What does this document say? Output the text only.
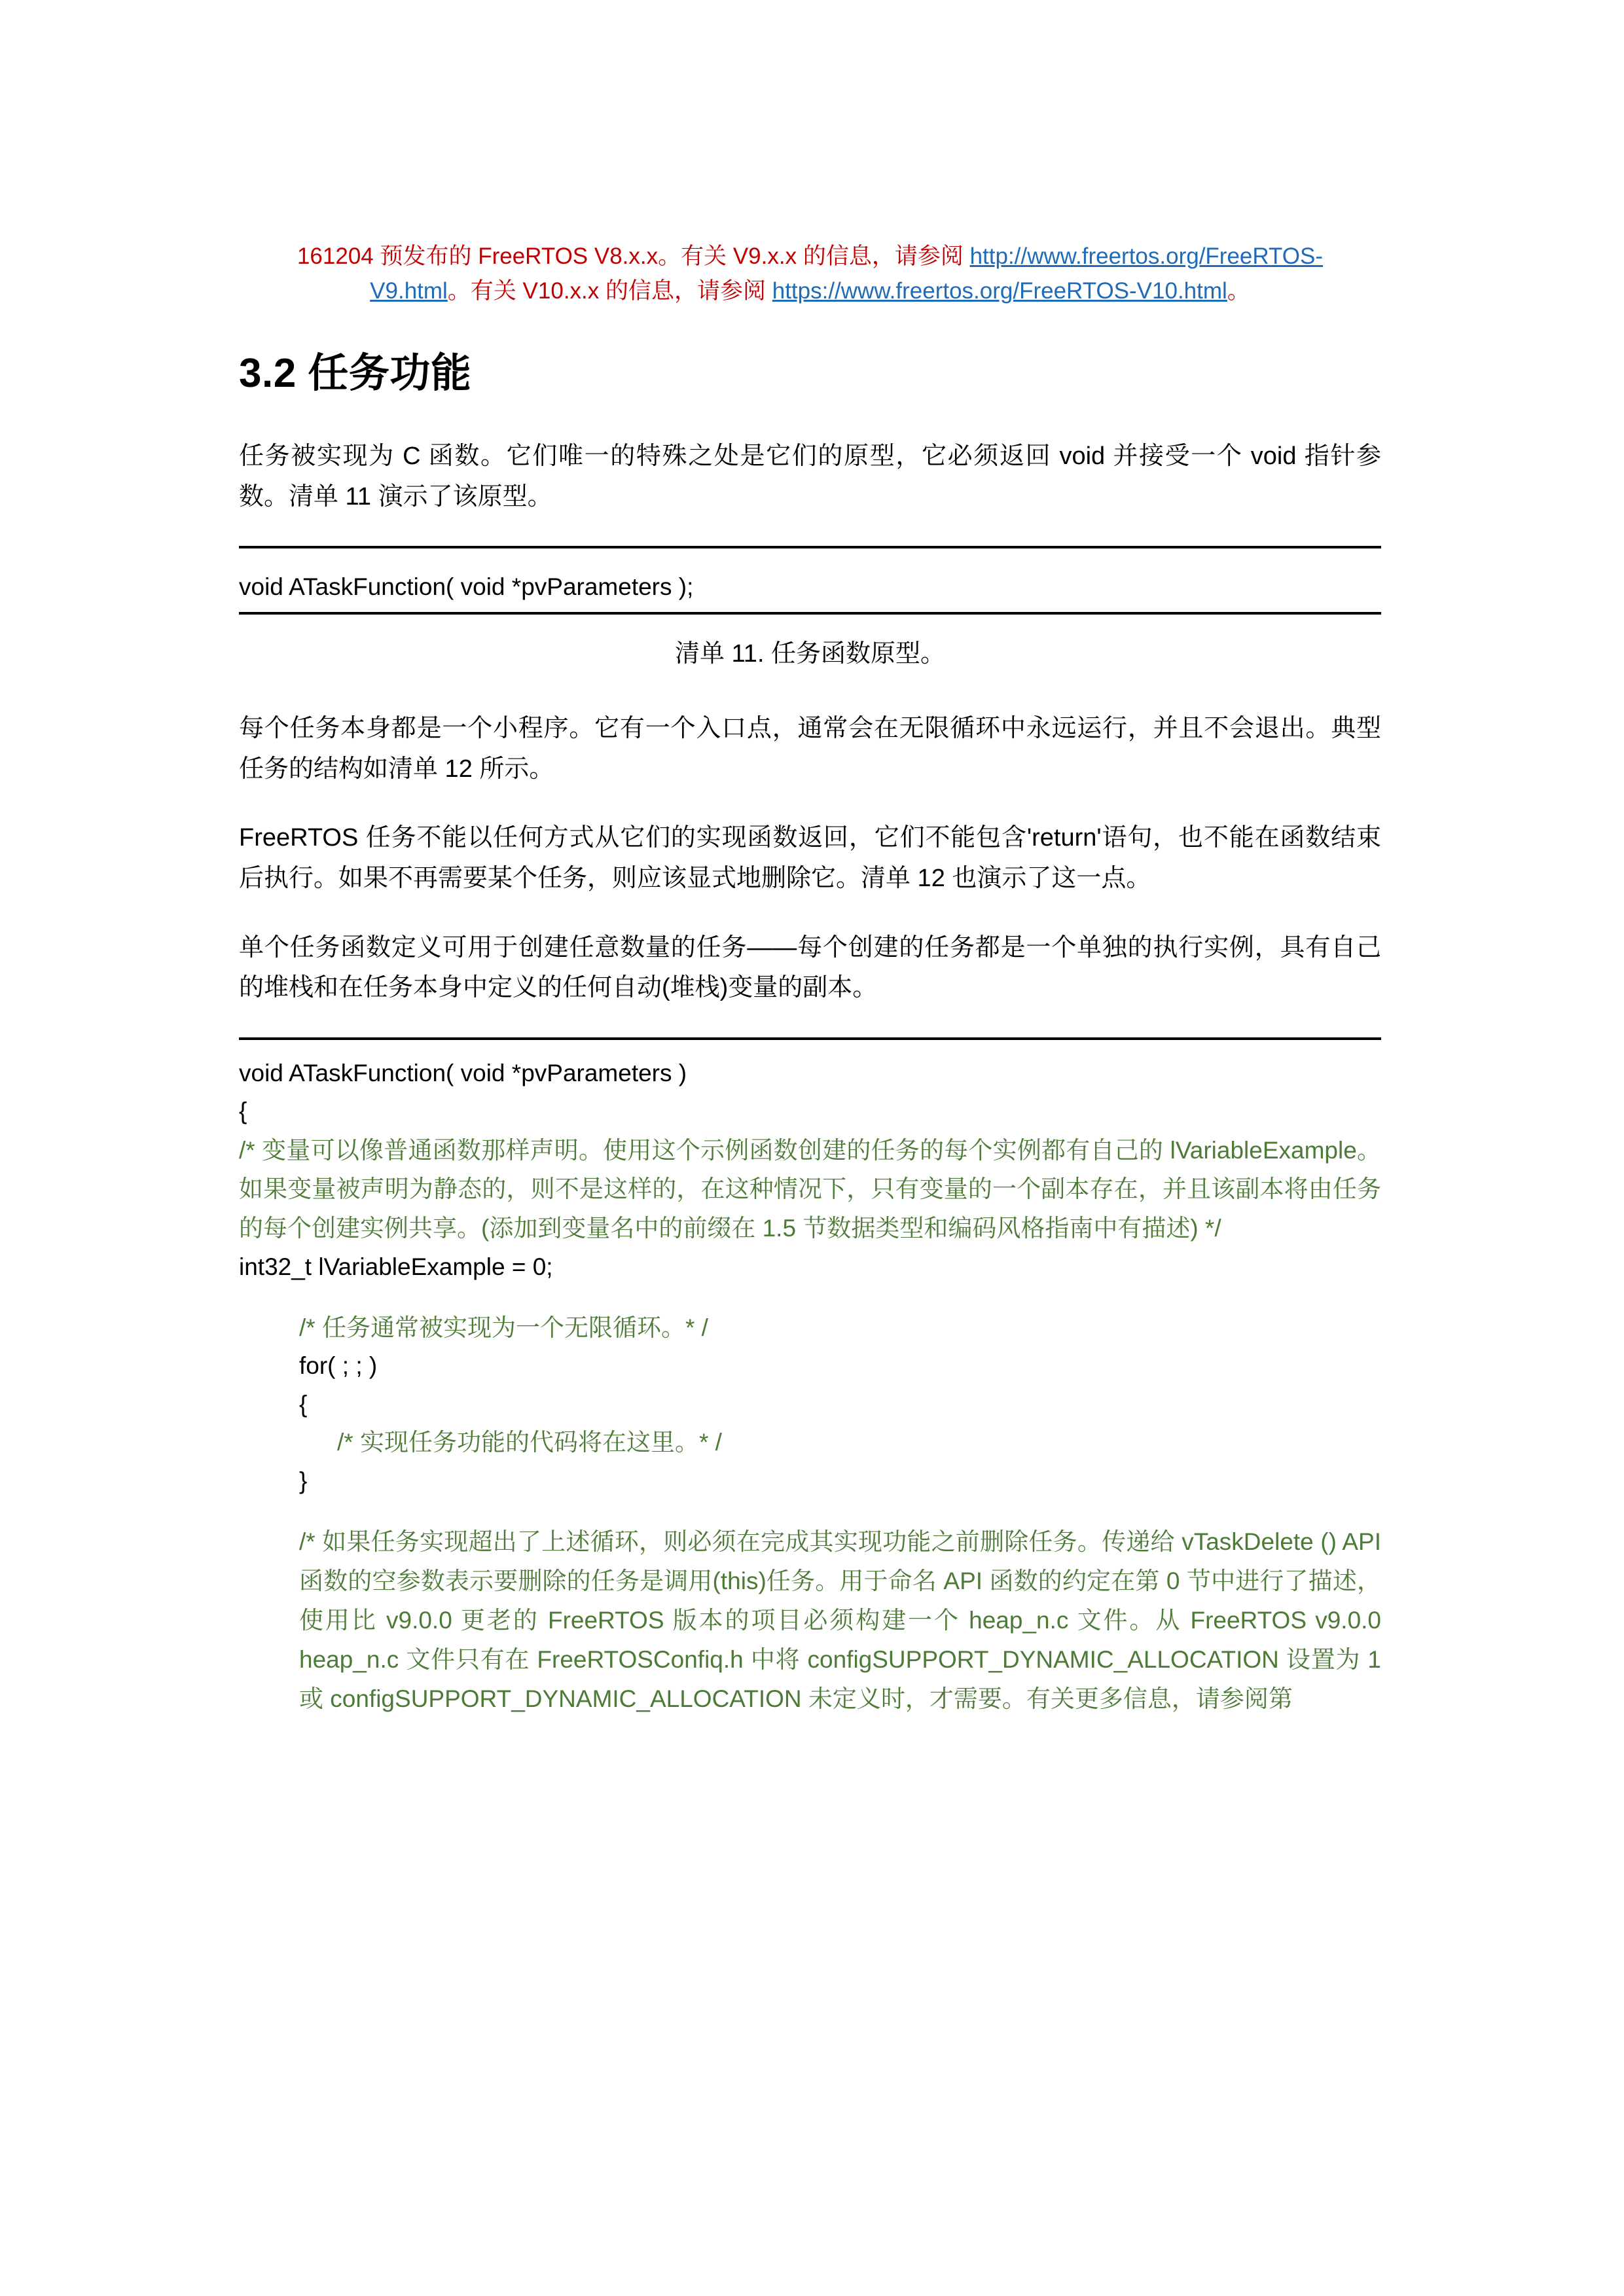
161204 预发布的 FreeRTOS V8.x.x。有关 V9.x.x 的信息，请参阅 http://www.freertos.org/FreeRTOS-V9.html。有关 V10.x.x 的信息，请参阅 https://www.freertos.org/FreeRTOS-V10.html。
3.2 任务功能

任务被实现为 C 函数。它们唯一的特殊之处是它们的原型，它必须返回 void 并接受一个 void 指针参数。清单 11 演示了该原型。

void ATaskFunction( void *pvParameters );
清单 11. 任务函数原型。

每个任务本身都是一个小程序。它有一个入口点，通常会在无限循环中永远运行，并且不会退出。典型任务的结构如清单 12 所示。

FreeRTOS 任务不能以任何方式从它们的实现函数返回，它们不能包含'return'语句，也不能在函数结束后执行。如果不再需要某个任务，则应该显式地删除它。清单 12 也演示了这一点。

单个任务函数定义可用于创建任意数量的任务——每个创建的任务都是一个单独的执行实例，具有自己的堆栈和在任务本身中定义的任何自动(堆栈)变量的副本。

void ATaskFunction( void *pvParameters )
{
/* 变量可以像普通函数那样声明。使用这个示例函数创建的任务的每个实例都有自己的 lVariableExample。如果变量被声明为静态的，则不是这样的，在这种情况下，只有变量的一个副本存在，并且该副本将由任务的每个创建实例共享。(添加到变量名中的前缀在 1.5 节数据类型和编码风格指南中有描述) */
int32_t lVariableExample = 0;
/* 任务通常被实现为一个无限循环。* /
for( ; ; )
{
/* 实现任务功能的代码将在这里。* /
}
/* 如果任务实现超出了上述循环，则必须在完成其实现功能之前删除任务。传递给 vTaskDelete () API 函数的空参数表示要删除的任务是调用(this)任务。用于命名 API 函数的约定在第 0 节中进行了描述，使用比 v9.0.0 更老的 FreeRTOS 版本的项目必须构建一个 heap_n.c 文件。从 FreeRTOS v9.0.0 heap_n.c 文件只有在 FreeRTOSConfiq.h 中将 configSUPPORT_DYNAMIC_ALLOCATION 设置为 1 或 configSUPPORT_DYNAMIC_ALLOCATION 未定义时，才需要。有关更多信息，请参阅第
